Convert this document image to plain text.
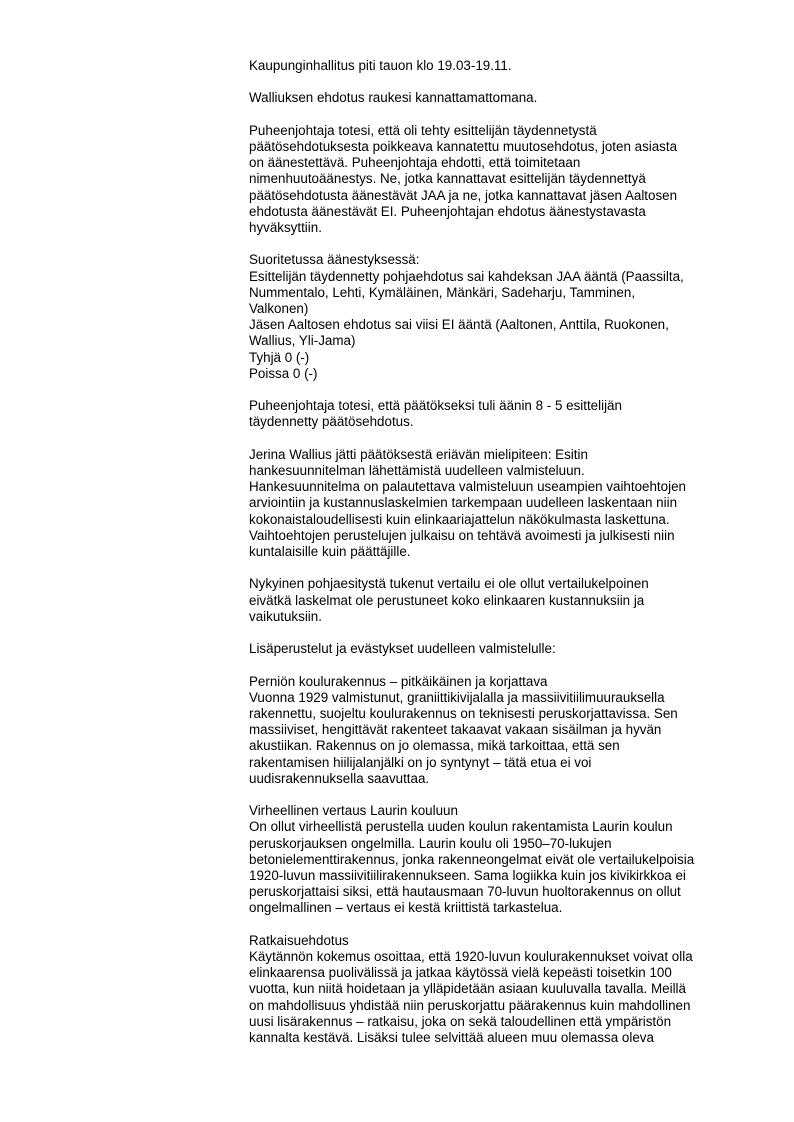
Kaupunginhallitus piti tauon klo 19.03-19.11.
Walliuksen ehdotus raukesi kannattamattomana.
Puheenjohtaja totesi, että oli tehty esittelijän täydennetystä
päätösehdotuksesta poikkeava kannatettu muutosehdotus, joten asiasta
on äänestettävä. Puheenjohtaja ehdotti, että toimitetaan
nimenhuutoäänestys. Ne, jotka kannattavat esittelijän täydennettyä
päätösehdotusta äänestävät JAA ja ne, jotka kannattavat jäsen Aaltosen
ehdotusta äänestävät EI. Puheenjohtajan ehdotus äänestystavasta
hyväksyttiin.
Suoritetussa äänestyksessä:
Esittelijän täydennetty pohjaehdotus sai kahdeksan JAA ääntä (Paassilta,
Nummentalo, Lehti, Kymäläinen, Mänkäri, Sadeharju, Tamminen,
Valkonen)
Jäsen Aaltosen ehdotus sai viisi EI ääntä (Aaltonen, Anttila, Ruokonen,
Wallius, Yli-Jama)
Tyhjä 0 (-)
Poissa 0 (-)
Puheenjohtaja totesi, että päätökseksi tuli äänin 8 - 5 esittelijän
täydennetty päätösehdotus.
Jerina Wallius jätti päätöksestä eriävän mielipiteen: Esitin
hankesuunnitelman lähettämistä uudelleen valmisteluun.
Hankesuunnitelma on palautettava valmisteluun useampien vaihtoehtojen
arviointiin ja kustannuslaskelmien tarkempaan uudelleen laskentaan niin
kokonaistaloudellisesti kuin elinkaariajattelun näkökulmasta laskettuna.
Vaihtoehtojen perustelujen julkaisu on tehtävä avoimesti ja julkisesti niin
kuntalaisille kuin päättäjille.
Nykyinen pohjaesitystä tukenut vertailu ei ole ollut vertailukelpoinen
eivätkä laskelmat ole perustuneet koko elinkaaren kustannuksiin ja
vaikutuksiin.
Lisäperustelut ja evästykset uudelleen valmistelulle:
Perniön koulurakennus – pitkäikäinen ja korjattava
Vuonna 1929 valmistunut, graniittikivijalalla ja massiivitiilimuurauksella
rakennettu, suojeltu koulurakennus on teknisesti peruskorjattavissa. Sen
massiiviset, hengittävät rakenteet takaavat vakaan sisäilman ja hyvän
akustiikan. Rakennus on jo olemassa, mikä tarkoittaa, että sen
rakentamisen hiilijalanjälki on jo syntynyt – tätä etua ei voi
uudisrakennuksella saavuttaa.
Virheellinen vertaus Laurin kouluun
On ollut virheellistä perustella uuden koulun rakentamista Laurin koulun
peruskorjauksen ongelmilla. Laurin koulu oli 1950–70-lukujen
betonielementtirakennus, jonka rakenneongelmat eivät ole vertailukelpoisia
1920-luvun massiivitiilirakennukseen. Sama logiikka kuin jos kivikirkkoa ei
peruskorjattaisi siksi, että hautausmaan 70-luvun huoltorakennus on ollut
ongelmallinen – vertaus ei kestä kriittistä tarkastelua.
Ratkaisuehdotus
Käytännön kokemus osoittaa, että 1920-luvun koulurakennukset voivat olla
elinkaarensa puolivälissä ja jatkaa käytössä vielä kepeästi toisetkin 100
vuotta, kun niitä hoidetaan ja ylläpidetään asiaan kuuluvalla tavalla. Meillä
on mahdollisuus yhdistää niin peruskorjattu päärakennus kuin mahdollinen
uusi lisärakennus – ratkaisu, joka on sekä taloudellinen että ympäristön
kannalta kestävä. Lisäksi tulee selvittää alueen muu olemassa oleva
